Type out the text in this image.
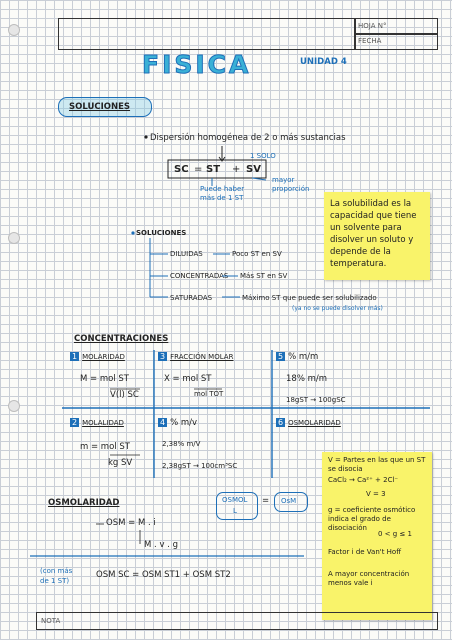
HOJA N°
FECHA
FISICA	UNIDAD 4
SOLUCIONES
Dispersión homogénea de 2 o más sustancias
SC = ST + SV
1 SOLO
Puede haber más de 1 ST
mayor proporción
La solubilidad es la capacidad que tiene un solvente para disolver un soluto y depende de la temperatura.
SOLUCIONES
DILUIDAS	Poco ST en SV
CONCENTRADAS Más ST en SV
SATURADAS	Máximo ST que puede ser solubilizado
(ya no se puede disolver más)
CONCENTRACIONES
1 MOLARIDAD
M = mol ST
V(l) SC
3 FRACCIÓN MOLAR
X = mol ST
mol TOT
5 % m/m
18% m/m
18gST → 100gSC
2 MOLALIDAD
m = mol ST
kg SV
4 % m/v
2,38% m/V
2,38gST → 100cm³SC
6 OSMOLARIDAD
OSMOLARIDAD	OSMOL
L
= OsM
OSM = M . i
M . v . g
(con más de 1 ST)
OSM SC = OSM ST1 + OSM ST2
V = Partes en las que un ST se disocia
CaCl₂ → Ca²⁺ + 2Cl⁻
V = 3
g = coeficiente osmótico indica el grado de disociación
0 < g ≤ 1
Factor i de Van't Hoff
A mayor concentración menos vale i
NOTA
